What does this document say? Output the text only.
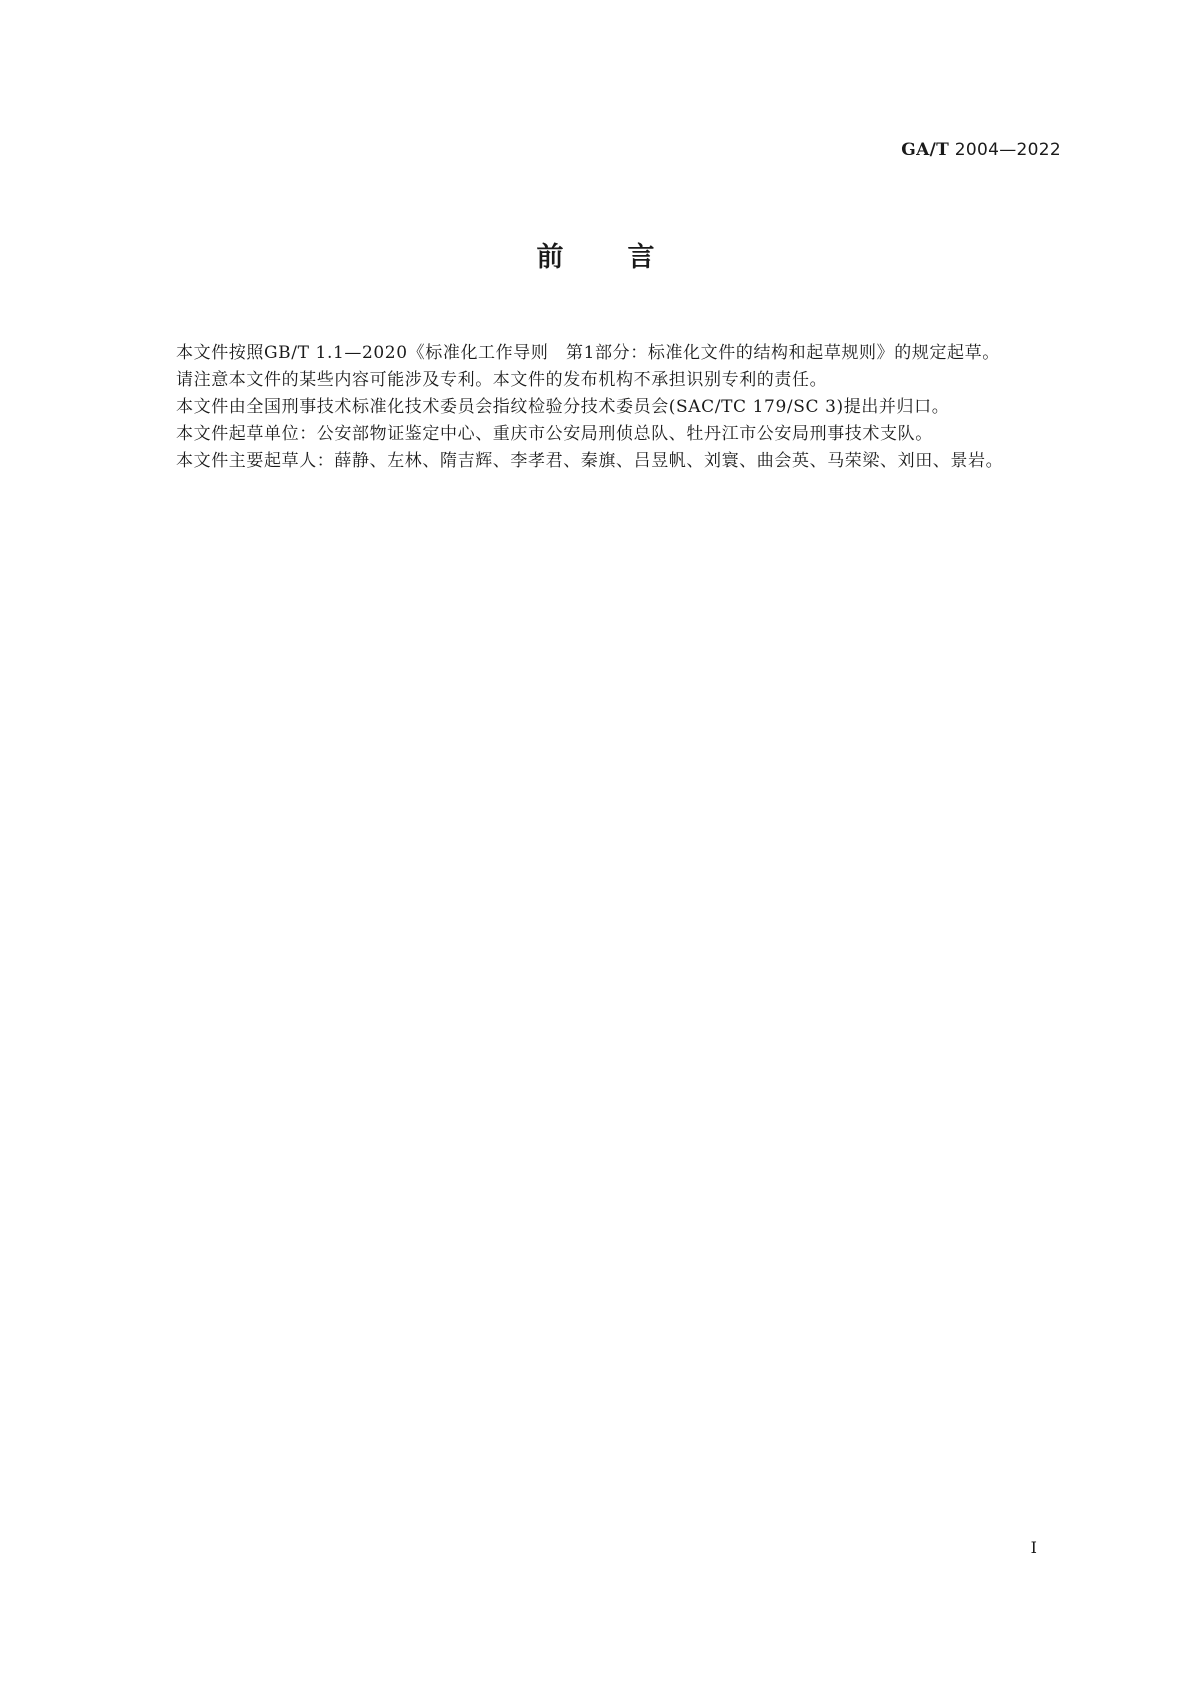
GA/T 2004—2022
前言

本文件按照GB/T 1.1—2020《标准化工作导则　第1部分：标准化文件的结构和起草规则》的规定起草。

请注意本文件的某些内容可能涉及专利。本文件的发布机构不承担识别专利的责任。

本文件由全国刑事技术标准化技术委员会指纹检验分技术委员会(SAC/TC 179/SC 3)提出并归口。

本文件起草单位：公安部物证鉴定中心、重庆市公安局刑侦总队、牡丹江市公安局刑事技术支队。

本文件主要起草人：薛静、左林、隋吉辉、李孝君、秦旗、吕昱帆、刘寰、曲会英、马荣梁、刘田、景岩。

I
